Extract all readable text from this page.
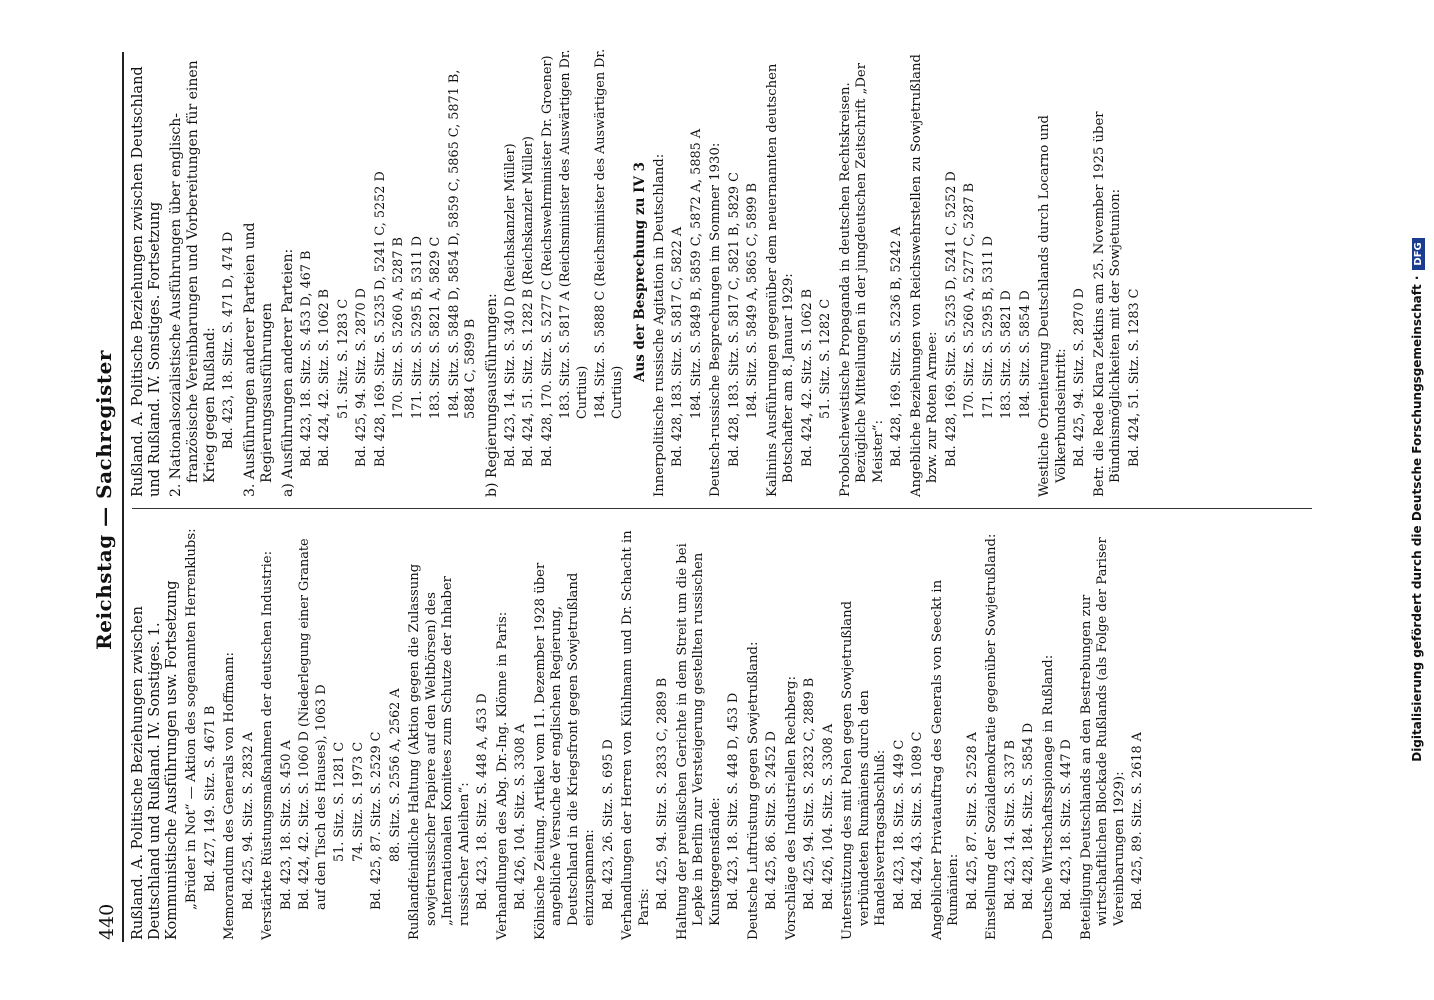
440
Reichstag — Sachregister

Rußland. A. Politische Beziehungen zwischen Deutschland und Rußland. IV. Sonstiges. 1. Kommunistische Ausführungen usw. Fortsetzung „Brüder in Not“ — Aktion des sogenannten Herrenklubs: Bd. 427, 149. Sitz. S. 4671 B Memorandum des Generals von Hoffmann: Bd. 425, 94. Sitz. S. 2832 A Verstärkte Rüstungsmaßnahmen der deutschen Industrie: Bd. 423, 18. Sitz. S. 450 A Bd. 424, 42. Sitz. S. 1060 D (Niederlegung einer Granate auf den Tisch des Hauses), 1063 D 51. Sitz. S. 1281 C 74. Sitz. S. 1973 C Bd. 425, 87. Sitz. S. 2529 C 88. Sitz. S. 2556 A, 2562 A Rußlandfeindliche Haltung (Aktion gegen die Zulassung sowjetrussischer Papiere auf den Weltbörsen) des „Internationalen Komitees zum Schutze der Inhaber russischer Anleihen“: Bd. 423, 18. Sitz. S. 448 A, 453 D Verhandlungen des Abg. Dr.-Ing. Klönne in Paris: Bd. 426, 104. Sitz. S. 3308 A Kölnische Zeitung. Artikel vom 11. Dezember 1928 über angebliche Versuche der englischen Regierung, Deutschland in die Kriegsfront gegen Sowjetrußland einzuspannen: Bd. 423, 26. Sitz. S. 695 D Verhandlungen der Herren von Kühlmann und Dr. Schacht in Paris: Bd. 425, 94. Sitz. S. 2833 C, 2889 B Haltung der preußischen Gerichte in dem Streit um die bei Lepke in Berlin zur Versteigerung gestellten russischen Kunstgegenstände: Bd. 423, 18. Sitz. S. 448 D, 453 D Deutsche Luftrüstung gegen Sowjetrußland: Bd. 425, 86. Sitz. S. 2452 D Vorschläge des Industriellen Rechberg: Bd. 425, 94. Sitz. S. 2832 C, 2889 B Bd. 426, 104. Sitz. S. 3308 A Unterstützung des mit Polen gegen Sowjetrußland verbündeten Rumäniens durch den Handelsvertragsabschluß: Bd. 423, 18. Sitz. S. 449 C Bd. 424, 43. Sitz. S. 1089 C Angeblicher Privatauftrag des Generals von Seeckt in Rumänien: Bd. 425, 87. Sitz. S. 2528 A Einstellung der Sozialdemokratie gegenüber Sowjetrußland: Bd. 423, 14. Sitz. S. 337 B Bd. 428, 184. Sitz. S. 5854 D Deutsche Wirtschaftsspionage in Rußland: Bd. 423, 18. Sitz. S. 447 D Beteiligung Deutschlands an den Bestrebungen zur wirtschaftlichen Blockade Rußlands (als Folge der Pariser Vereinbarungen 1929): Bd. 425, 89. Sitz. S. 2618 A

Rußland. A. Politische Beziehungen zwischen Deutschland und Rußland. IV. Sonstiges. Fortsetzung 2. Nationalsozialistische Ausführungen über englisch-französische Vereinbarungen und Vorbereitungen für einen Krieg gegen Rußland: Bd. 423, 18. Sitz. S. 471 D, 474 D 3. Ausführungen anderer Parteien und Regierungsausführungen a) Ausführungen anderer Parteien: Bd. 423, 18. Sitz. S. 453 D, 467 B Bd. 424, 42. Sitz. S. 1062 B 51. Sitz. S. 1283 C Bd. 425, 94. Sitz. S. 2870 D Bd. 428, 169. Sitz. S. 5235 D, 5241 C, 5252 D 170. Sitz. S. 5260 A, 5287 B 171. Sitz. S. 5295 B, 5311 D 183. Sitz. S. 5821 A, 5829 C 184. Sitz. S. 5848 D, 5854 D, 5859 C, 5865 C, 5871 B, 5884 C, 5899 B b) Regierungsausführungen: Bd. 423, 14. Sitz. S. 340 D (Reichskanzler Müller) Bd. 424, 51. Sitz. S. 1282 B (Reichskanzler Müller) Bd. 428, 170. Sitz. S. 5277 C (Reichswehrminister Dr. Groener) 183. Sitz. S. 5817 A (Reichsminister des Auswärtigen Dr. Curtius) 184. Sitz. S. 5888 C (Reichsminister des Auswärtigen Dr. Curtius)

Aus der Besprechung zu IV 3 Innerpolitische russische Agitation in Deutschland: Bd. 428, 183. Sitz. S. 5817 C, 5822 A 184. Sitz. S. 5849 B, 5859 C, 5872 A, 5885 A Deutsch-russische Besprechungen im Sommer 1930: Bd. 428, 183. Sitz. S. 5817 C, 5821 B, 5829 C 184. Sitz. S. 5849 A, 5865 C, 5899 B Kalinins Ausführungen gegenüber dem neuernannten deutschen Botschafter am 8. Januar 1929: Bd. 424, 42. Sitz. S. 1062 B 51. Sitz. S. 1282 C Probolschewistische Propaganda in deutschen Rechtskreisen. Bezügliche Mitteilungen in der jungdeutschen Zeitschrift „Der Meister“: Bd. 428, 169. Sitz. S. 5236 B, 5242 A Angebliche Beziehungen von Reichswehrstellen zu Sowjetrußland bzw. zur Roten Armee: Bd. 428, 169. Sitz. S. 5235 D, 5241 C, 5252 D 170. Sitz. S. 5260 A, 5277 C, 5287 B 171. Sitz. S. 5295 B, 5311 D 183. Sitz. S. 5821 D 184. Sitz. S. 5854 D Westliche Orientierung Deutschlands durch Locarno und Völkerbundseintritt: Bd. 425, 94. Sitz. S. 2870 D Betr. die Rede Klara Zetkins am 25. November 1925 über Bündnismöglichkeiten mit der Sowjetunion: Bd. 424, 51. Sitz. S. 1283 C	Digitalisierung gefördert durch die Deutsche Forschungsgemeinschaft ·DFG
